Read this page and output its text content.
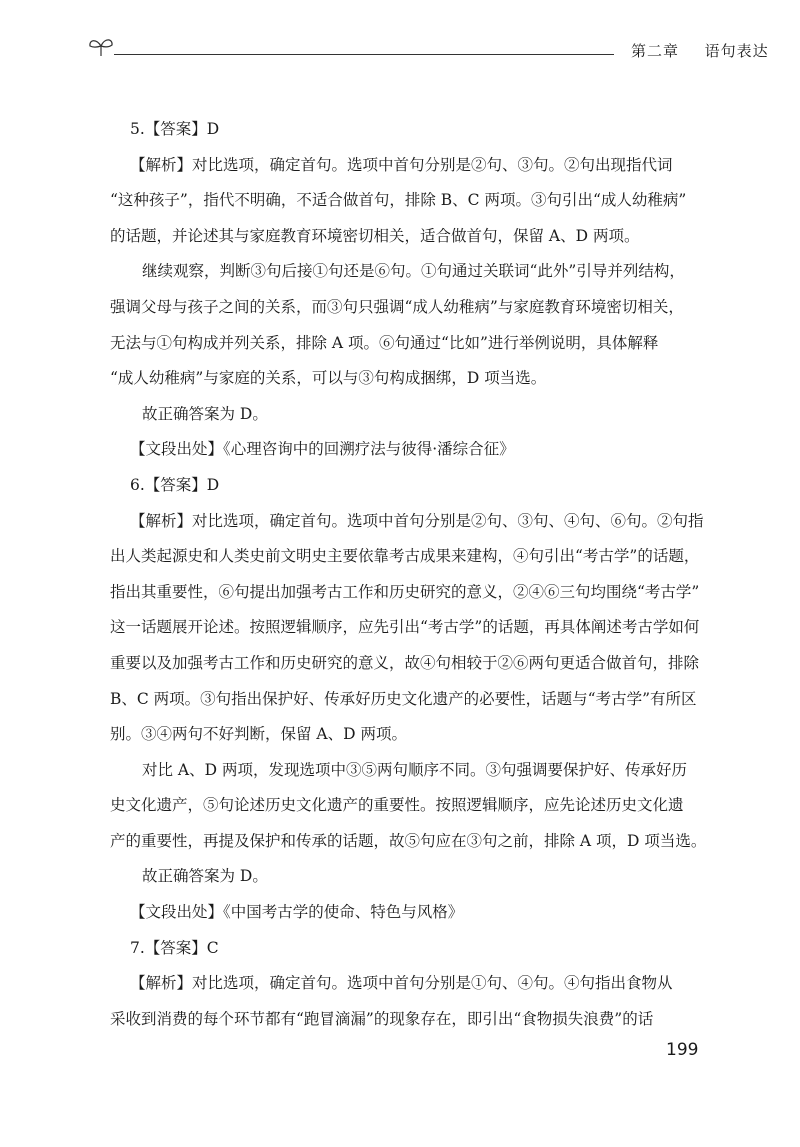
第二章 语句表达
5.【答案】D
【解析】对比选项，确定首句。选项中首句分别是②句、③句。②句出现指代词
“这种孩子”，指代不明确，不适合做首句，排除 B、C 两项。③句引出“成人幼稚病”
的话题，并论述其与家庭教育环境密切相关，适合做首句，保留 A、D 两项。
继续观察，判断③句后接①句还是⑥句。①句通过关联词“此外”引导并列结构，
强调父母与孩子之间的关系，而③句只强调“成人幼稚病”与家庭教育环境密切相关，
无法与①句构成并列关系，排除 A 项。⑥句通过“比如”进行举例说明，具体解释
“成人幼稚病”与家庭的关系，可以与③句构成捆绑，D 项当选。
故正确答案为 D。
【文段出处】《心理咨询中的回溯疗法与彼得·潘综合征》
6.【答案】D
【解析】对比选项，确定首句。选项中首句分别是②句、③句、④句、⑥句。②句指
出人类起源史和人类史前文明史主要依靠考古成果来建构，④句引出“考古学”的话题，
指出其重要性，⑥句提出加强考古工作和历史研究的意义，②④⑥三句均围绕“考古学”
这一话题展开论述。按照逻辑顺序，应先引出“考古学”的话题，再具体阐述考古学如何
重要以及加强考古工作和历史研究的意义，故④句相较于②⑥两句更适合做首句，排除
B、C 两项。③句指出保护好、传承好历史文化遗产的必要性，话题与“考古学”有所区
别。③④两句不好判断，保留 A、D 两项。
对比 A、D 两项，发现选项中③⑤两句顺序不同。③句强调要保护好、传承好历
史文化遗产，⑤句论述历史文化遗产的重要性。按照逻辑顺序，应先论述历史文化遗
产的重要性，再提及保护和传承的话题，故⑤句应在③句之前，排除 A 项，D 项当选。
故正确答案为 D。
【文段出处】《中国考古学的使命、特色与风格》
7.【答案】C
【解析】对比选项，确定首句。选项中首句分别是①句、④句。④句指出食物从
采收到消费的每个环节都有“跑冒滴漏”的现象存在，即引出“食物损失浪费”的话
199
